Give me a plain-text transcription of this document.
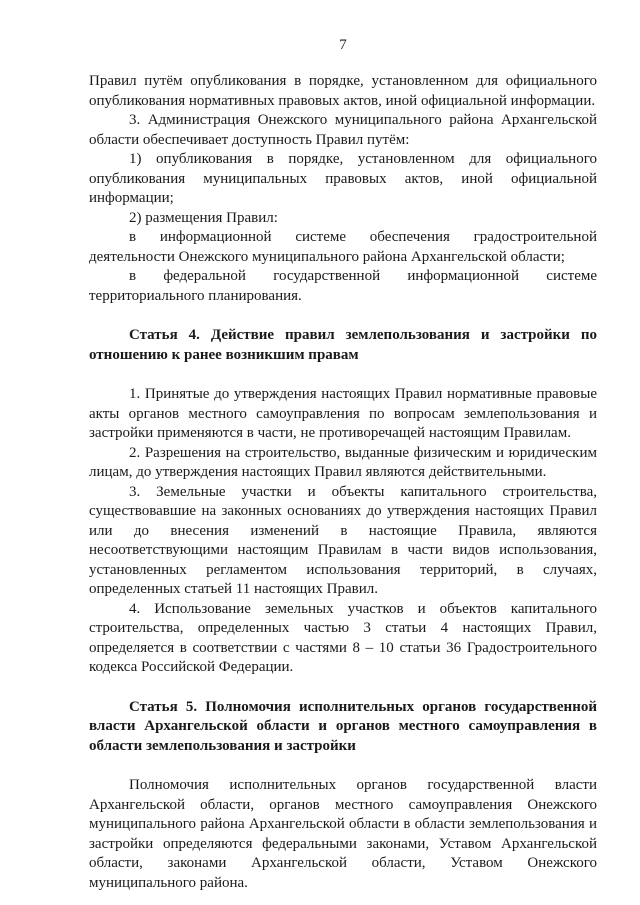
7

Правил путём опубликования в порядке, установленном для официального опубликования нормативных правовых актов, иной официальной информации.

3. Администрация Онежского муниципального района Архангельской области обеспечивает доступность Правил путём:

1) опубликования в порядке, установленном для официального опубликования муниципальных правовых актов, иной официальной информации;

2) размещения Правил:

в информационной системе обеспечения градостроительной деятельности Онежского муниципального района Архангельской области;

в федеральной государственной информационной системе территориального планирования.

Статья 4. Действие правил землепользования и застройки по отношению к ранее возникшим правам

1. Принятые до утверждения настоящих Правил нормативные правовые акты органов местного самоуправления по вопросам землепользования и застройки применяются в части, не противоречащей настоящим Правилам.

2. Разрешения на строительство, выданные физическим и юридическим лицам, до утверждения настоящих Правил являются действительными.

3. Земельные участки и объекты капитального строительства, существовавшие на законных основаниях до утверждения настоящих Правил или до внесения изменений в настоящие Правила, являются несоответствующими настоящим Правилам в части видов использования, установленных регламентом использования территорий, в случаях, определенных статьей 11 настоящих Правил.

4. Использование земельных участков и объектов капитального строительства, определенных частью 3 статьи 4 настоящих Правил, определяется в соответствии с частями 8 – 10 статьи 36 Градостроительного кодекса Российской Федерации.

Статья 5. Полномочия исполнительных органов государственной власти Архангельской области и органов местного самоуправления в области землепользования и застройки

Полномочия исполнительных органов государственной власти Архангельской области, органов местного самоуправления Онежского муниципального района Архангельской области в области землепользования и застройки определяются федеральными законами, Уставом Архангельской области, законами Архангельской области, Уставом Онежского муниципального района.
